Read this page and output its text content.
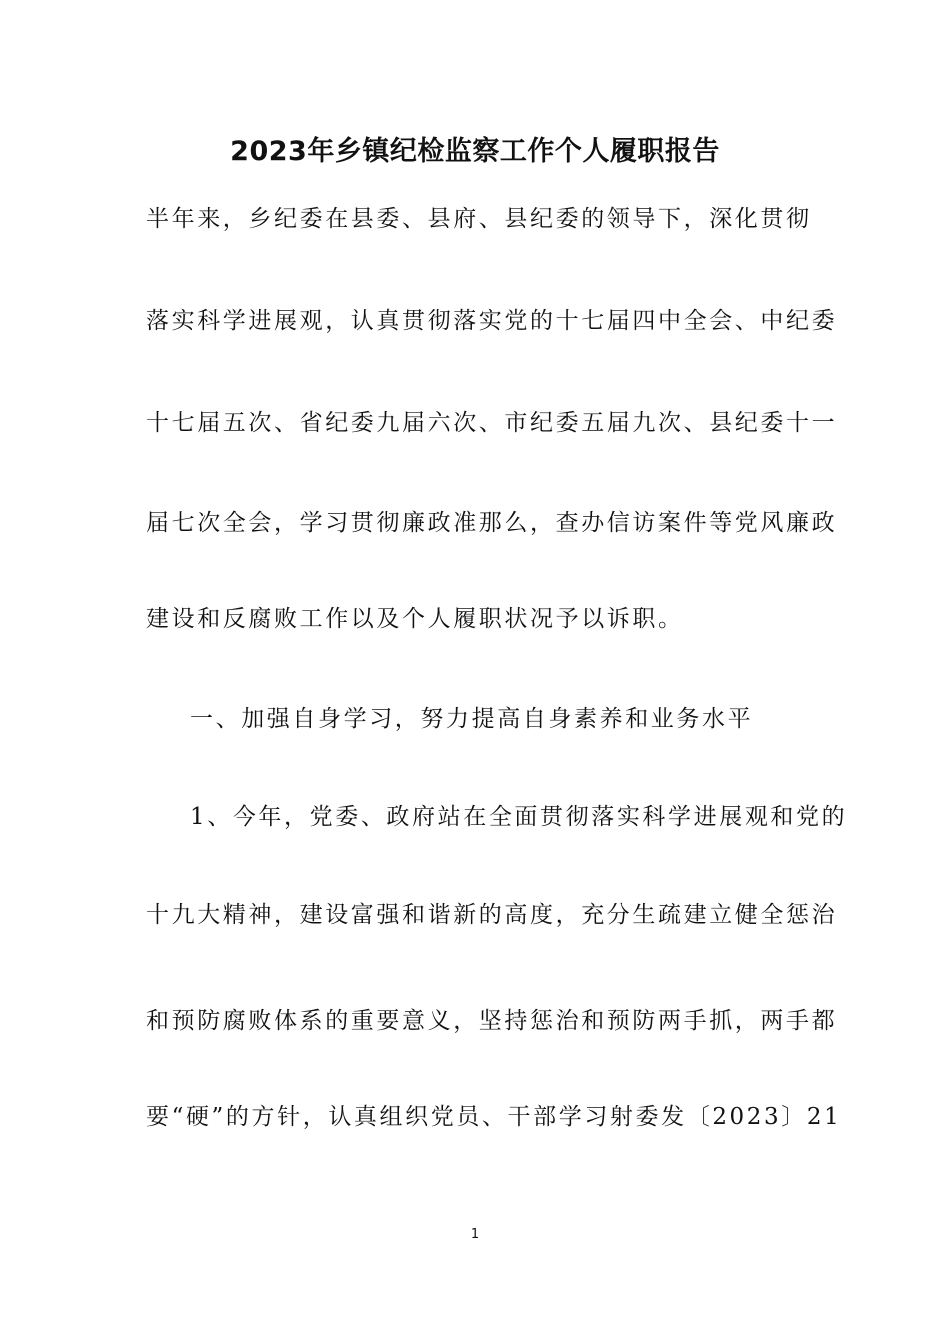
2023年乡镇纪检监察工作个人履职报告
半年来，乡纪委在县委、县府、县纪委的领导下，深化贯彻
落实科学进展观，认真贯彻落实党的十七届四中全会、中纪委
十七届五次、省纪委九届六次、市纪委五届九次、县纪委十一
届七次全会，学习贯彻廉政准那么，查办信访案件等党风廉政
建设和反腐败工作以及个人履职状况予以诉职。
一、加强自身学习，努力提高自身素养和业务水平
1、今年，党委、政府站在全面贯彻落实科学进展观和党的
十九大精神，建设富强和谐新的高度，充分生疏建立健全惩治
和预防腐败体系的重要意义，坚持惩治和预防两手抓，两手都
要“硬”的方针，认真组织党员、干部学习射委发〔2023〕21
1
